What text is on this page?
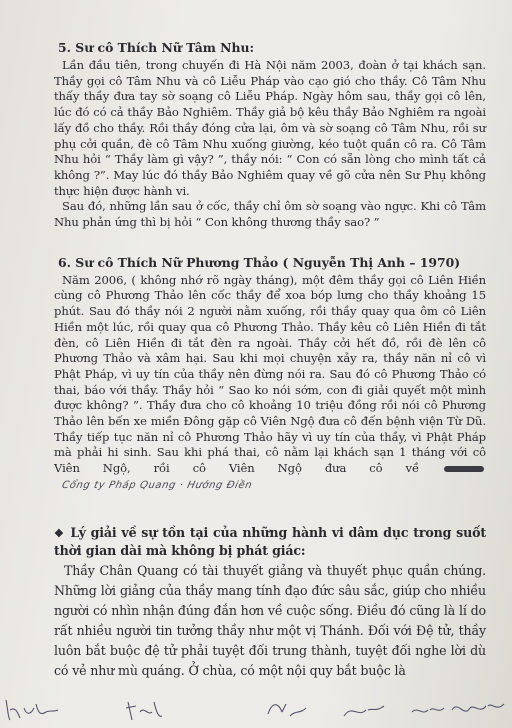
5. Sư cô Thích Nữ Tâm Nhu:

Lần đầu tiên, trong chuyến đi Hà Nội năm 2003, đoàn ở tại khách sạn. Thầy gọi cô Tâm Nhu và cô Liễu Pháp vào cạo gió cho thầy. Cô Tâm Nhu thấy thầy đưa tay sờ soạng cô Liễu Pháp. Ngày hôm sau, thầy gọi cô lên, lúc đó có cả thầy Bảo Nghiêm. Thầy giả bộ kêu thầy Bảo Nghiêm ra ngoài lấy đồ cho thầy. Rồi thầy đóng cửa lại, ôm và sờ soạng cô Tâm Nhu, rồi sư phụ cởi quần, đè cô Tâm Nhu xuống giường, kéo tuột quần cô ra. Cô Tâm Nhu hỏi “ Thầy làm gì vậy? ”, thầy nói: “ Con có sẵn lòng cho mình tất cả không ?”. May lúc đó thầy Bảo Nghiêm quay về gõ cửa nên Sư Phụ không thực hiện được hành vi.

Sau đó, những lần sau ở cốc, thầy chỉ ôm sờ soạng vào ngực. Khi cô Tâm Nhu phản ứng thì bị hỏi “ Con không thương thầy sao? ”

6. Sư cô Thích Nữ Phương Thảo ( Nguyễn Thị Anh – 1970)

Năm 2006, ( không nhớ rõ ngày tháng), một đêm thầy gọi cô Liên Hiền cùng cô Phương Thảo lên cốc thầy để xoa bóp lưng cho thầy khoảng 15 phút. Sau đó thầy nói 2 người nằm xuống, rồi thầy quay qua ôm cô Liên Hiền một lúc, rồi quay qua cô Phương Thảo. Thầy kêu cô Liên Hiền đi tắt đèn, cô Liên Hiền đi tắt đèn ra ngoài. Thầy cởi hết đồ, rồi đè lên cô Phương Thảo và xâm hại. Sau khi mọi chuyện xảy ra, thầy năn nỉ cô vì Phật Pháp, vì uy tín của thầy nên đừng nói ra. Sau đó cô Phương Thảo có thai, báo với thầy. Thầy hỏi “ Sao ko nói sớm, con đi giải quyết một mình được không? ”. Thầy đưa cho cô khoảng 10 triệu đồng rồi nói cô Phương Thảo lên bến xe miền Đông gặp cô Viên Ngộ đưa cô đến bệnh viện Từ Dũ. Thầy tiếp tục năn nỉ cô Phương Thảo hãy vì uy tín của thầy, vì Phật Pháp mà phải hi sinh. Sau khi phá thai, cô nằm lại khách sạn 1 tháng với cô Viên Ngộ, rồi cô Viên Ngộ đưa cô về  Cổng ty Pháp Quang · Hướng Điền

❖ Lý giải về sự tồn tại của những hành vi dâm dục trong suốt thời gian dài mà không bị phát giác:

Thầy Chân Quang có tài thuyết giảng và thuyết phục quần chúng. Những lời giảng của thầy mang tính đạo đức sâu sắc, giúp cho nhiều người có nhìn nhận đúng đắn hơn về cuộc sống. Điều đó cũng là lí do rất nhiều người tin tưởng thầy như một vị Thánh. Đối với Đệ tử, thầy luôn bắt buộc đệ tử phải tuyệt đối trung thành, tuyệt đối nghe lời dù có vẻ như mù quáng. Ở chùa, có một nội quy bắt buộc là
